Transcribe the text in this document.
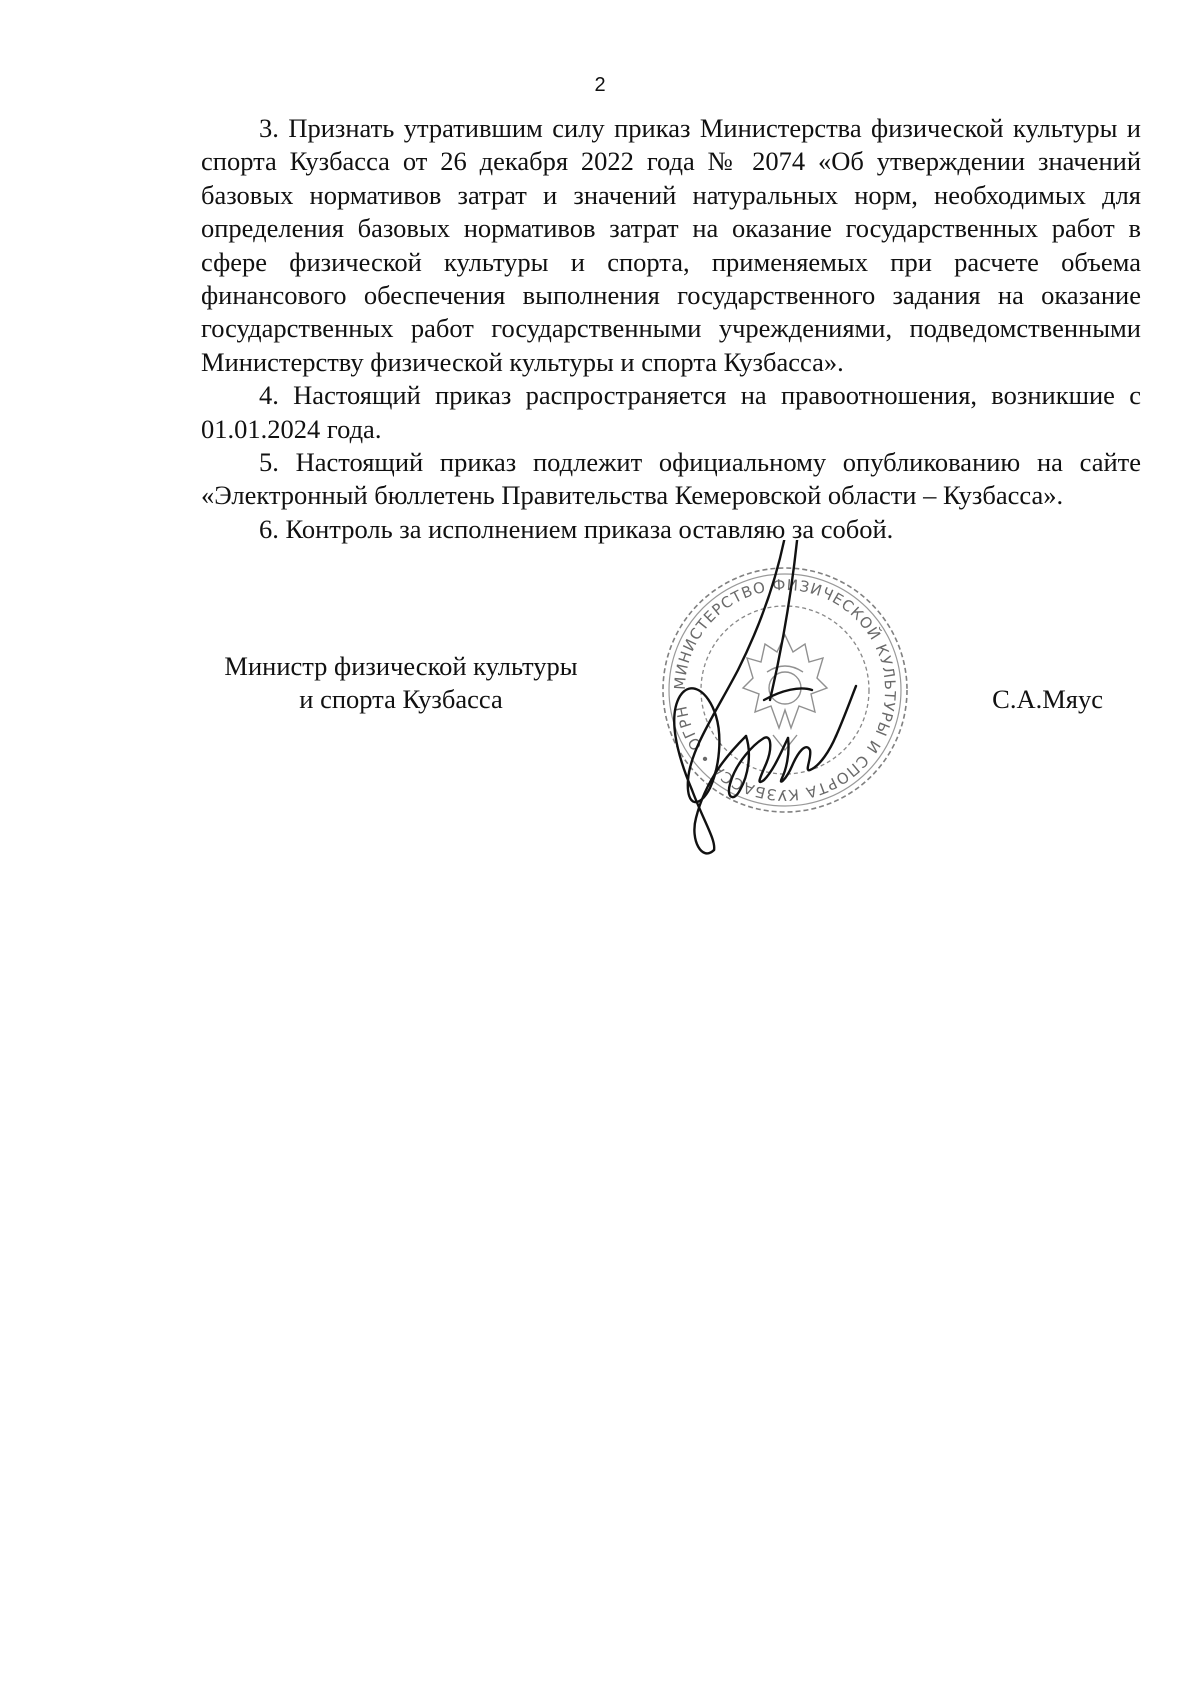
2

3. Признать утратившим силу приказ Министерства физической культуры и спорта Кузбасса от 26 декабря 2022 года № 2074 «Об утверждении значений базовых нормативов затрат и значений натуральных норм, необходимых для определения базовых нормативов затрат на оказание государственных работ в сфере физической культуры и спорта, применяемых при расчете объема финансового обеспечения выполнения государственного задания на оказание государственных работ государственными учреждениями, подведомственными Министерству физической культуры и спорта Кузбасса».

4. Настоящий приказ распространяется на правоотношения, возникшие с 01.01.2024 года.

5. Настоящий приказ подлежит официальному опубликованию на сайте «Электронный бюллетень Правительства Кемеровской области – Кузбасса».

6. Контроль за исполнением приказа оставляю за собой.

Министр физической культуры
и спорта Кузбасса	С.А.Мяус
МИНИСТЕРСТВО ФИЗИЧЕСКОЙ КУЛЬТУРЫ И СПОРТА КУЗБАССА • ОГРН
